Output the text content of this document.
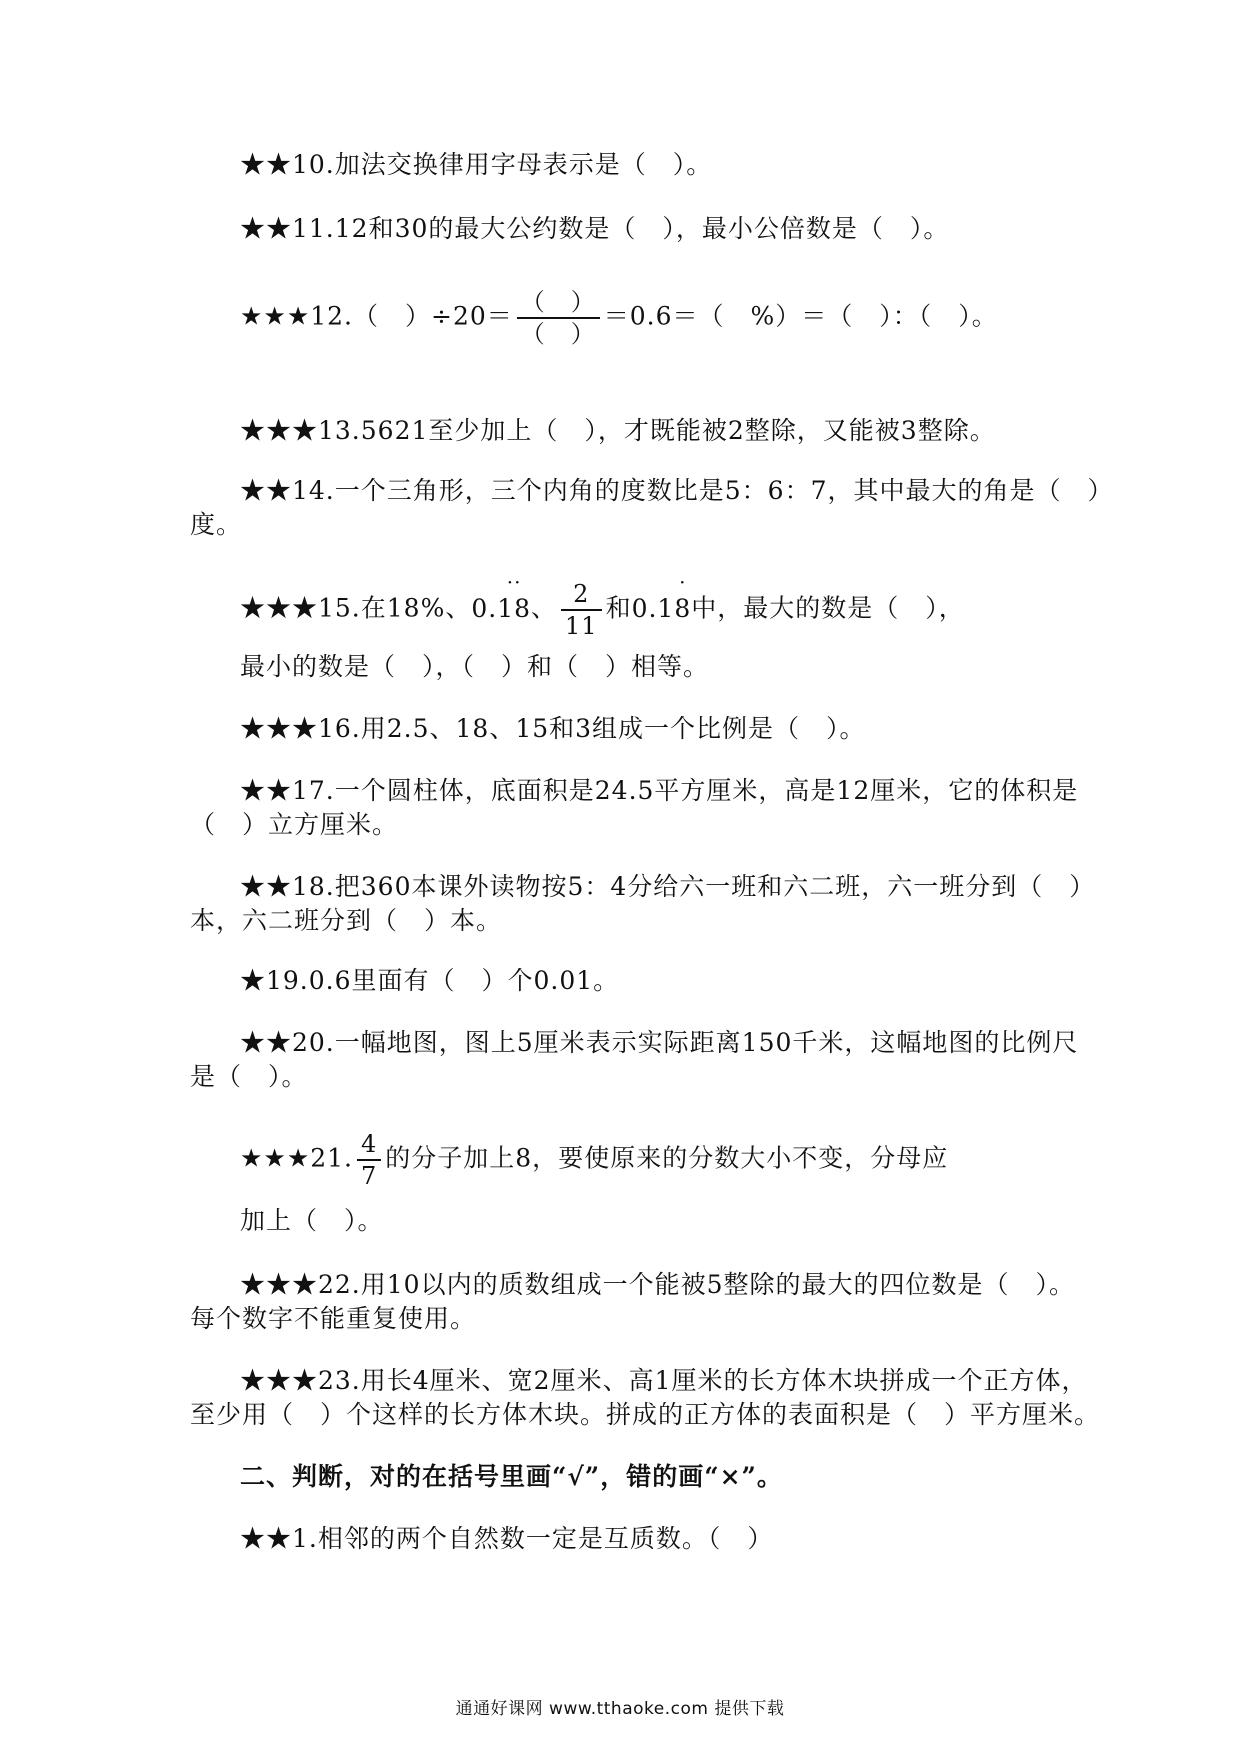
★★10.加法交换律用字母表示是（　）。
★★11.12和30的最大公约数是（　），最小公倍数是（　）。
★★★12.（　）$\div 20= \frac{( )}{( )} =0.6=$（　%）＝（　）：（　）。
★★★13.5621至少加上（　），才既能被2整除，又能被3整除。
★★14.一个三角形，三个内角的度数比是5：6：7，其中最大的角是（　）
度。
★★★15.在18%、0.
··
18、 $\frac{2}{11}$ 和0.1
·
8中，最大的数是（　），
最小的数是（　），（　）和（　）相等。
★★★16.用2.5、18、15和3组成一个比例是（　）。
★★17.一个圆柱体，底面积是24.5平方厘米，高是12厘米，它的体积是
（　）立方厘米。
★★18.把360本课外读物按5：4分给六一班和六二班，六一班分到（　）
本，六二班分到（　）本。
★19.0.6里面有（　）个0.01。
★★20.一幅地图，图上5厘米表示实际距离150千米，这幅地图的比例尺
是（　）。
★★★21. $\frac{4}{7}$ 的分子加上8，要使原来的分数大小不变，分母应
加上（　）。
★★★22.用10以内的质数组成一个能被5整除的最大的四位数是（　）。
每个数字不能重复使用。
★★★23.用长4厘米、宽2厘米、高1厘米的长方体木块拼成一个正方体，
至少用（　）个这样的长方体木块。拼成的正方体的表面积是（　）平方厘米。
二、判断，对的在括号里画“√”，错的画“×”。
★★1.相邻的两个自然数一定是互质数。（　）
通通好课网 www.tthaoke.com 提供下载
